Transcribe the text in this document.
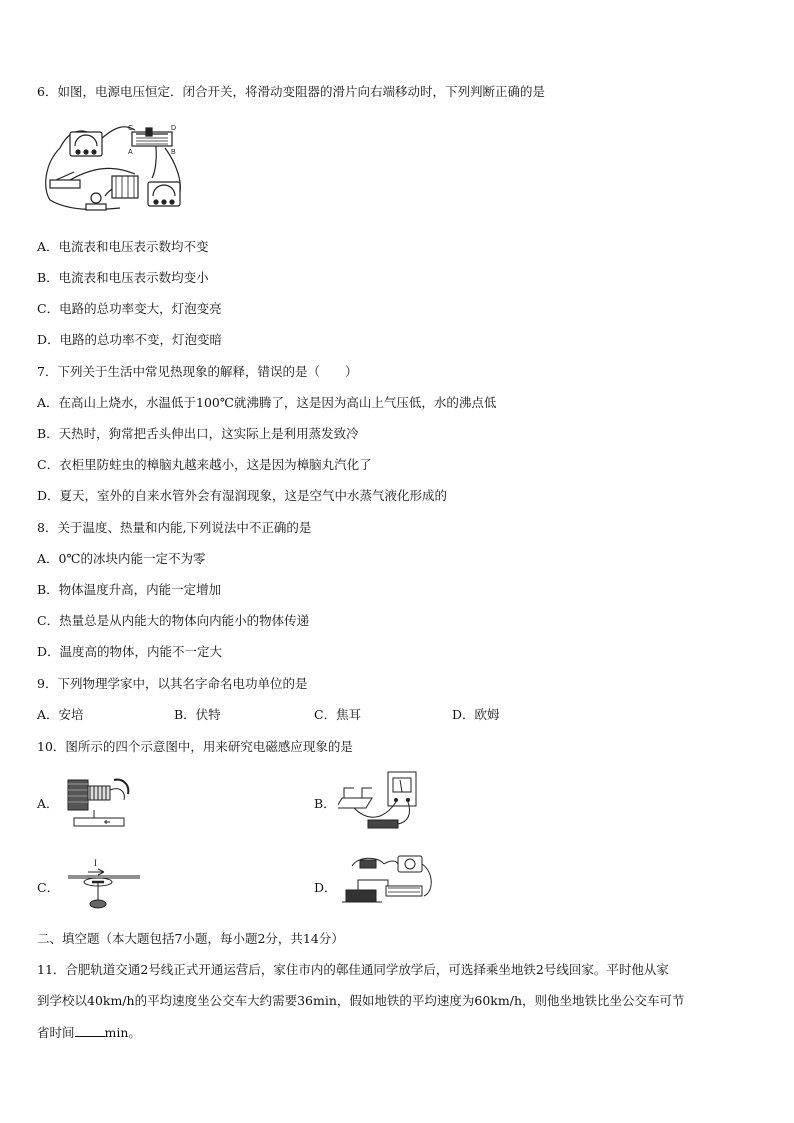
6．如图，电源电压恒定．闭合开关，将滑动变阻器的滑片向右端移动时，下列判断正确的是
C	D
A	B
A．电流表和电压表示数均不变
B．电流表和电压表示数均变小
C．电路的总功率变大，灯泡变亮
D．电路的总功率不变，灯泡变暗
7．下列关于生活中常见热现象的解释，错误的是（　　）
A．在高山上烧水，水温低于100℃就沸腾了，这是因为高山上气压低，水的沸点低
B．天热时，狗常把舌头伸出口，这实际上是利用蒸发致冷
C．衣柜里防蛀虫的樟脑丸越来越小，这是因为樟脑丸汽化了
D．夏天，室外的自来水管外会有湿润现象，这是空气中水蒸气液化形成的
8．关于温度、热量和内能,下列说法中不正确的是
A．0℃的冰块内能一定不为零
B．物体温度升高，内能一定增加
C．热量总是从内能大的物体向内能小的物体传递
D．温度高的物体，内能不一定大
9．下列物理学家中，以其名字命名电功单位的是
A．安培	B．伏特	C．焦耳	D．欧姆
10．图所示的四个示意图中，用来研究电磁感应现象的是
A．	B．
C．
I
D．
二、填空题（本大题包括7小题，每小题2分，共14分）
11．合肥轨道交通2号线正式开通运营后，家住市内的鄣佳通同学放学后，可选择乘坐地铁2号线回家。平时他从家
到学校以40km/h的平均速度坐公交车大约需要36min，假如地铁的平均速度为60km/h，则他坐地铁比坐公交车可节
省时间 min。
